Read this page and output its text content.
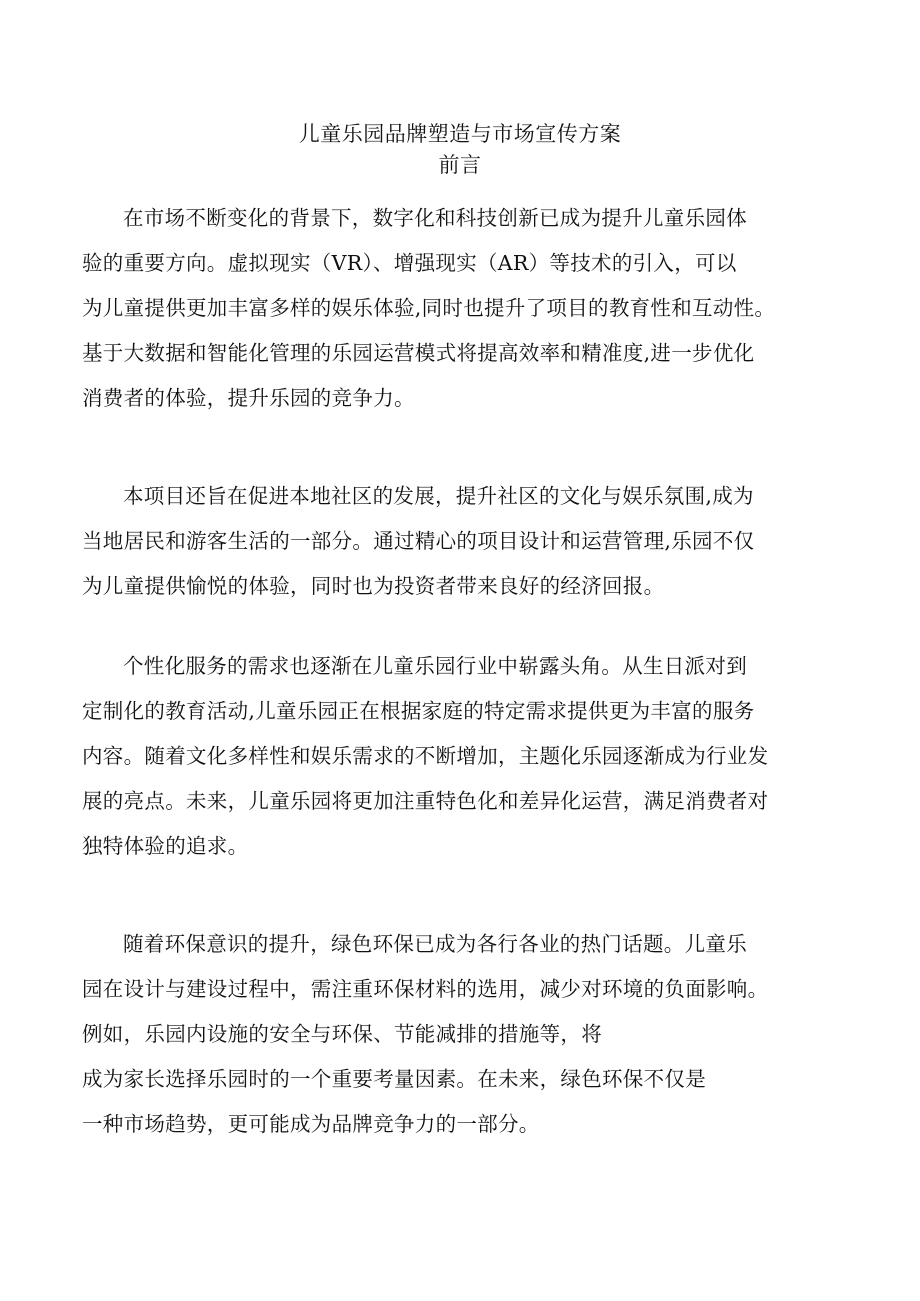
儿童乐园品牌塑造与市场宣传方案
前言
在市场不断变化的背景下，数字化和科技创新已成为提升儿童乐园体
验的重要方向。虚拟现实（VR）、增强现实（AR）等技术的引入，可以
为儿童提供更加丰富多样的娱乐体验,同时也提升了项目的教育性和互动性。
基于大数据和智能化管理的乐园运营模式将提高效率和精准度,进一步优化
消费者的体验，提升乐园的竞争力。
本项目还旨在促进本地社区的发展，提升社区的文化与娱乐氛围,成为
当地居民和游客生活的一部分。通过精心的项目设计和运营管理,乐园不仅
为儿童提供愉悦的体验，同时也为投资者带来良好的经济回报。
个性化服务的需求也逐渐在儿童乐园行业中崭露头角。从生日派对到
定制化的教育活动,儿童乐园正在根据家庭的特定需求提供更为丰富的服务
内容。随着文化多样性和娱乐需求的不断增加，主题化乐园逐渐成为行业发
展的亮点。未来，儿童乐园将更加注重特色化和差异化运营，满足消费者对
独特体验的追求。
随着环保意识的提升，绿色环保已成为各行各业的热门话题。儿童乐
园在设计与建设过程中，需注重环保材料的选用，减少对环境的负面影响。
例如，乐园内设施的安全与环保、节能减排的措施等，将
成为家长选择乐园时的一个重要考量因素。在未来，绿色环保不仅是
一种市场趋势，更可能成为品牌竞争力的一部分。
